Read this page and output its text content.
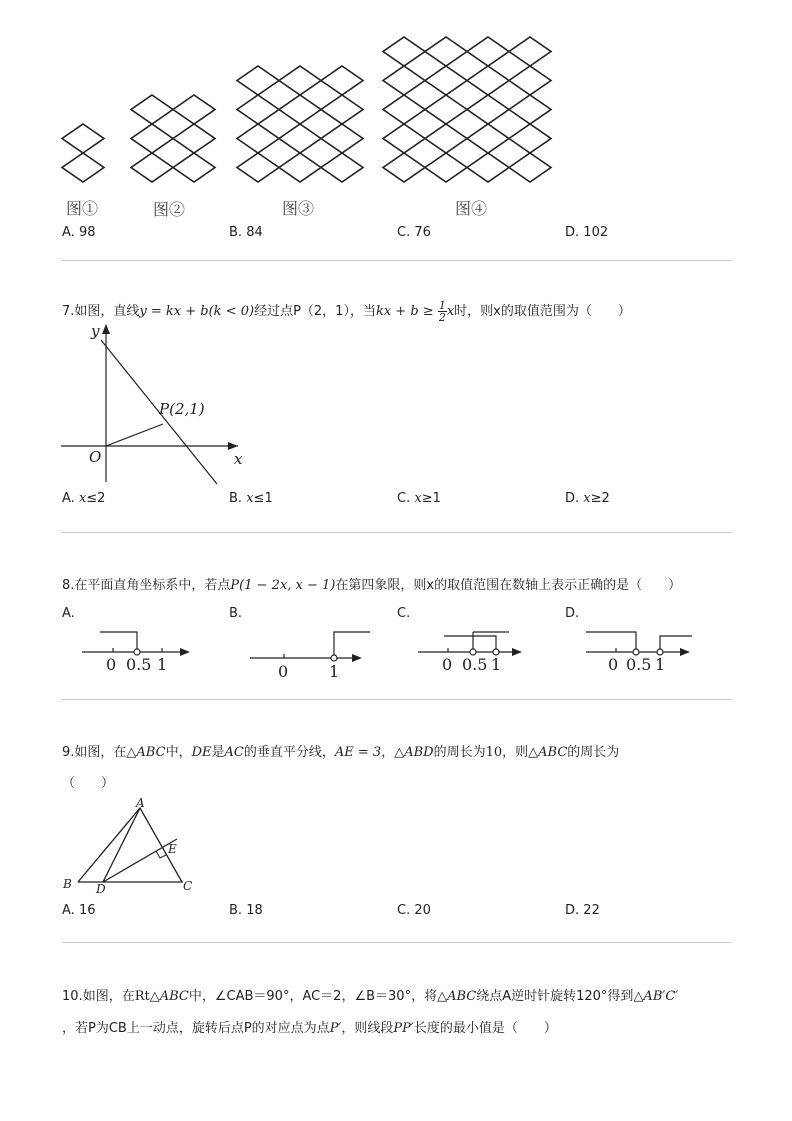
图①	图②	图③	图④
A. 98	B. 84	C. 76	D. 102
7.如图，直线y = kx + b(k < 0)经过点P（2，1），当kx + $b \ge \frac{1}{2}$ x时，则x的取值范围为（　　）
y
x
O
P(2,1)
A. x≤2	B. x≤1	C. x≥1	D. x≥2
8.在平面直角坐标系中，若点P(1 − 2x, x − 1)在第四象限，则x的取值范围在数轴上表示正确的是（　　）
A.	B.	C.	D.
0 0.5 1	0	1	0 0.5 1	0 0.5 1
9.如图，在△ABC中，DE是AC的垂直平分线，AE = 3，△ABD的周长为10，则△ABC的周长为
（　　）
A
B	C
D
E
A. 16	B. 18	C. 20	D. 22
10.如图，在Rt△ABC中，∠CAB＝90°，AC＝2，∠B＝30°，将△ABC绕点A逆时针旋转120°得到△AB′C′
，若P为CB上一动点，旋转后点P的对应点为点P′，则线段PP′长度的最小值是（　　）
